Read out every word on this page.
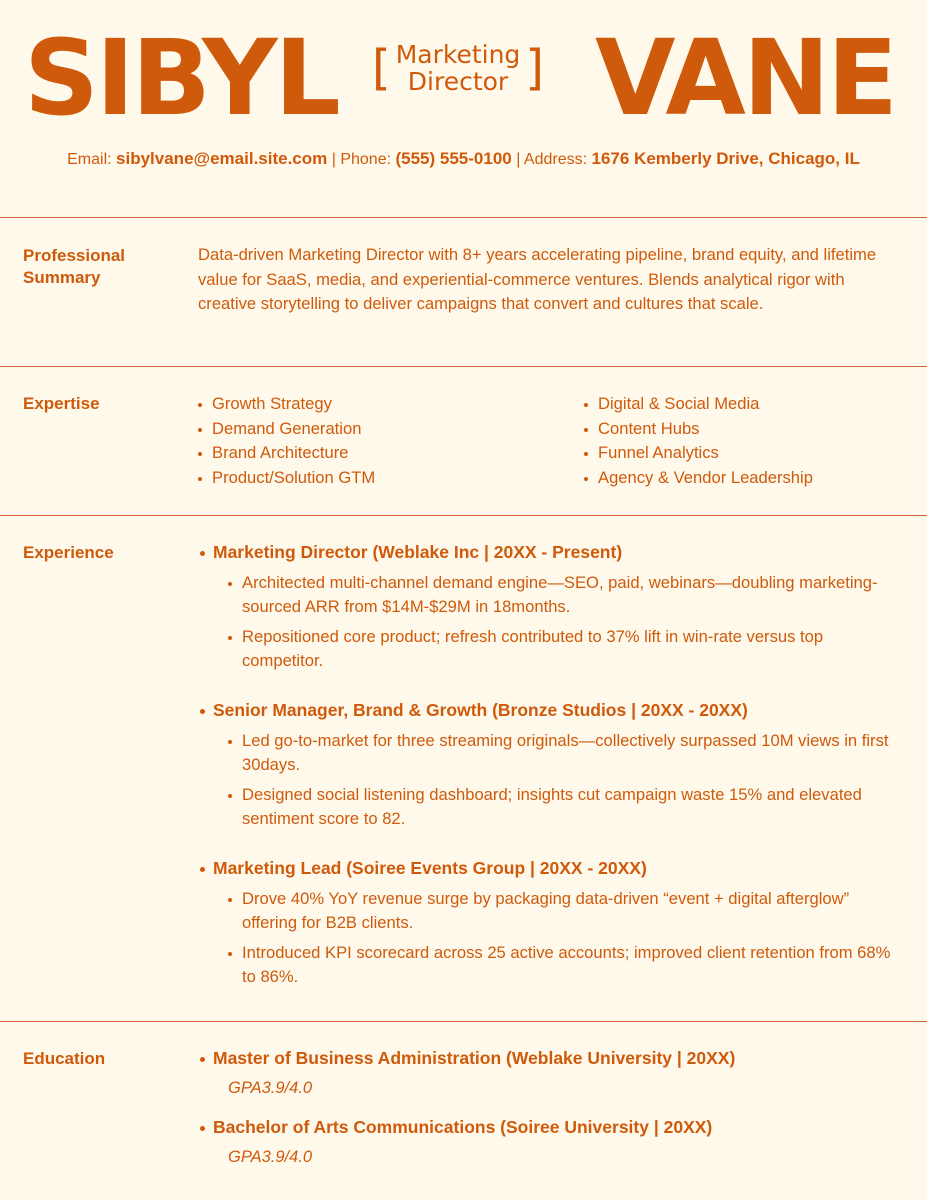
SIBYL [ Marketing
Director ] VANE
Email: sibylvane@email.site.com | Phone: (555) 555-0100 | Address: 1676 Kemberly Drive, Chicago, IL
Professional Summary
Data-driven Marketing Director with 8+ years accelerating pipeline, brand equity, and lifetime value for SaaS, media, and experiential-commerce ventures. Blends analytical rigor with creative storytelling to deliver campaigns that convert and cultures that scale.
Expertise	Growth Strategy
Demand Generation
Brand Architecture
Product/Solution GTM
Digital & Social Media
Content Hubs
Funnel Analytics
Agency & Vendor Leadership
Experience	Marketing Director (Weblake Inc | 20XX - Present)
Architected multi-channel demand engine—SEO, paid, webinars—doubling marketing-sourced ARR from $14M-$29M in 18months.
Repositioned core product; refresh contributed to 37% lift in win-rate versus top competitor.
Senior Manager, Brand & Growth (Bronze Studios | 20XX - 20XX)
Led go-to-market for three streaming originals—collectively surpassed 10M views in first 30days.
Designed social listening dashboard; insights cut campaign waste 15% and elevated sentiment score to 82.
Marketing Lead (Soiree Events Group | 20XX - 20XX)
Drove 40% YoY revenue surge by packaging data‑driven “event + digital afterglow” offering for B2B clients.
Introduced KPI scorecard across 25 active accounts; improved client retention from 68% to 86%.
Education	Master of Business Administration (Weblake University | 20XX)
GPA3.9/4.0
Bachelor of Arts Communications (Soiree University | 20XX)
GPA3.9/4.0
